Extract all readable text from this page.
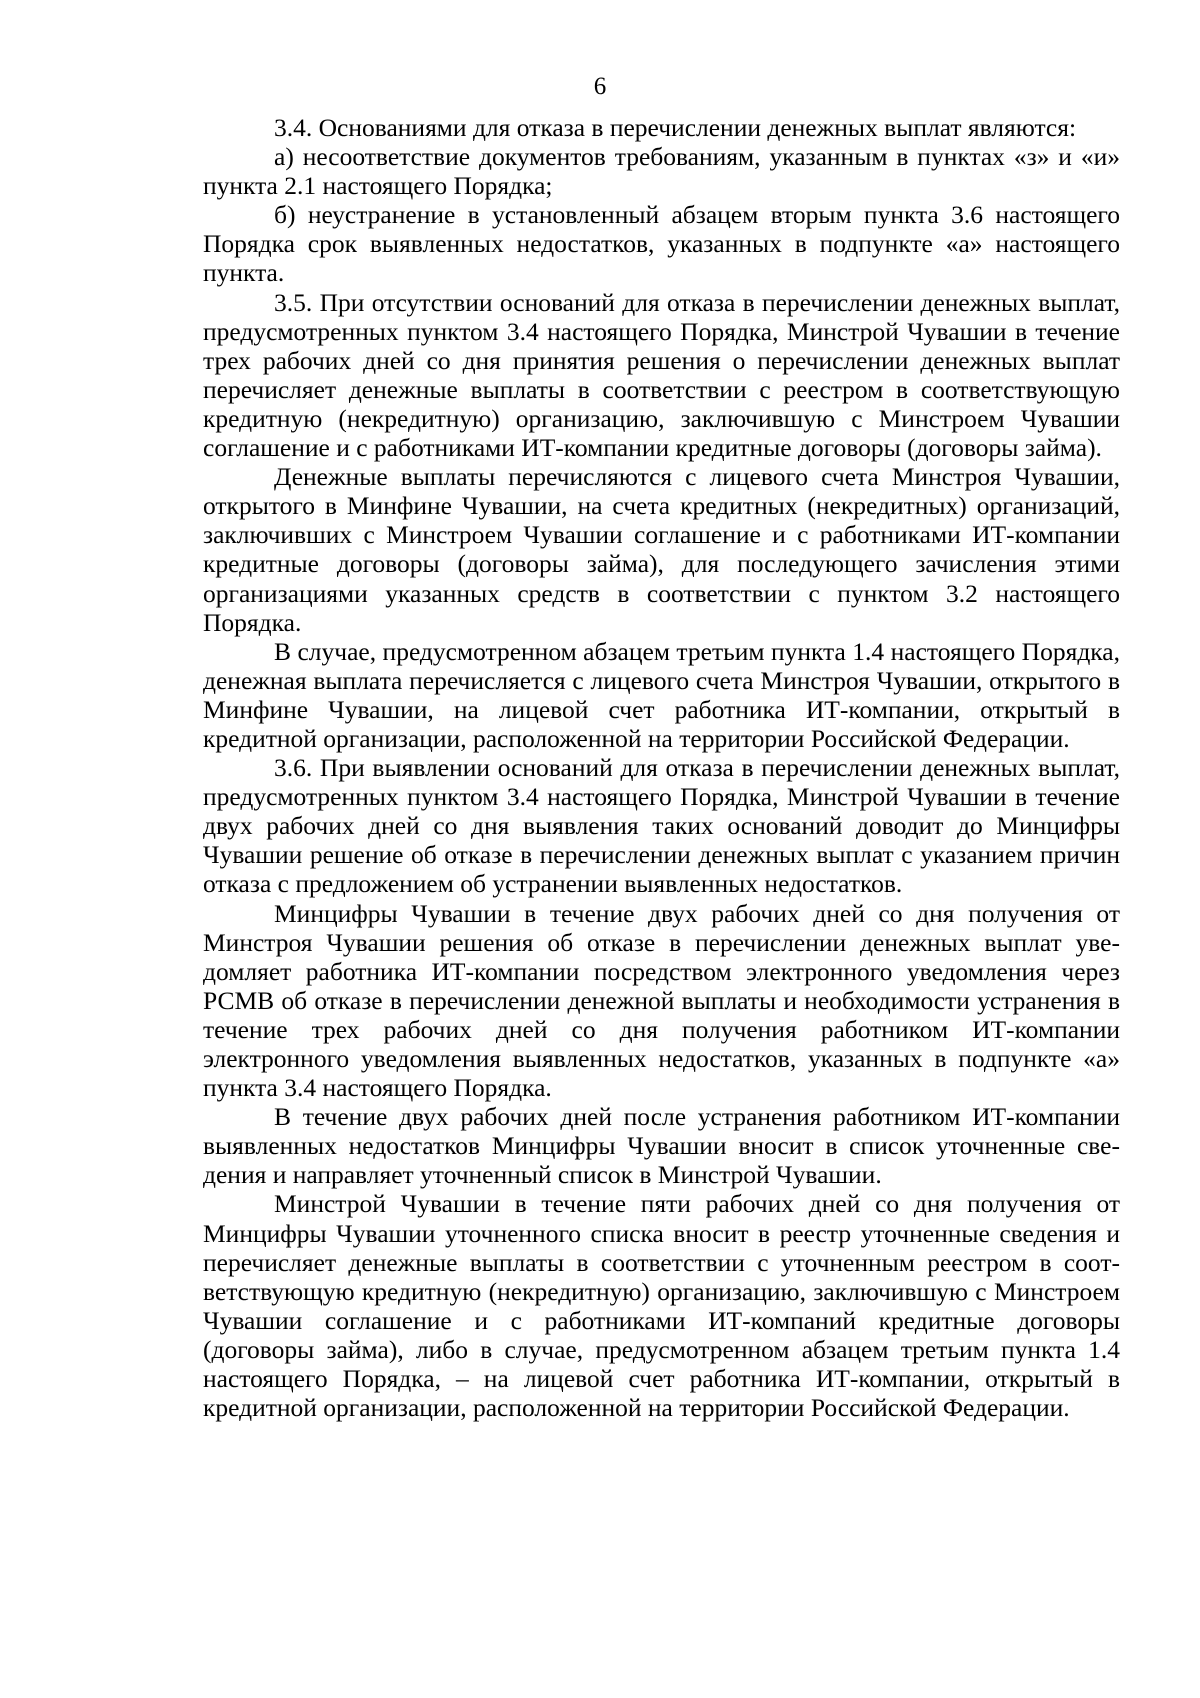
6

3.4. Основаниями для отказа в перечислении денежных выплат являются:

а) несоответствие документов требованиям, указанным в пунктах «з» и «и» пункта 2.1 настоящего Порядка;

б) неустранение в установленный абзацем вторым пункта 3.6 настоящего Порядка срок выявленных недостатков, указанных в подпункте «а» настоящего пункта.

3.5. При отсутствии оснований для отказа в перечислении денежных выплат, предусмотренных пунктом 3.4 настоящего Порядка, Минстрой Чувашии в течение трех рабочих дней со дня принятия решения о перечислении денежных выплат перечисляет денежные выплаты в соответствии с реестром в соответствующую кредитную (некредитную) организацию, заключившую с Минстроем Чувашии соглашение и с работниками ИТ-компании кредитные договоры (договоры займа).

Денежные выплаты перечисляются с лицевого счета Минстроя Чувашии, открытого в Минфине Чувашии, на счета кредитных (некредитных) организаций, заключивших с Минстроем Чувашии соглашение и с работниками ИТ-компании кредитные договоры (договоры займа), для последующего зачисления этими организациями указанных средств в соответствии с пунктом 3.2 настоящего Порядка.

В случае, предусмотренном абзацем третьим пункта 1.4 настоящего Порядка, денежная выплата перечисляется с лицевого счета Минстроя Чувашии, открытого в Минфине Чувашии, на лицевой счет работника ИТ-компании, открытый в кредитной организации, расположенной на территории Российской Федерации.

3.6. При выявлении оснований для отказа в перечислении денежных выплат, предусмотренных пунктом 3.4 настоящего Порядка, Минстрой Чувашии в течение двух рабочих дней со дня выявления таких оснований доводит до Минцифры Чувашии решение об отказе в перечислении денежных выплат с указанием причин отказа с предложением об устранении выявленных недостатков.

Минцифры Чувашии в течение двух рабочих дней со дня получения от Минстроя Чувашии решения об отказе в перечислении денежных выплат уведомляет работника ИТ-компании посредством электронного уведомления через РСМВ об отказе в перечислении денежной выплаты и необходимости устранения в течение трех рабочих дней со дня получения работником ИТ-компании электронного уведомления выявленных недостатков, указанных в подпункте «а» пункта 3.4 настоящего Порядка.

В течение двух рабочих дней после устранения работником ИТ-компании выявленных недостатков Минцифры Чувашии вносит в список уточненные сведения и направляет уточненный список в Минстрой Чувашии.

Минстрой Чувашии в течение пяти рабочих дней со дня получения от Минцифры Чувашии уточненного списка вносит в реестр уточненные сведения и перечисляет денежные выплаты в соответствии с уточненным реестром в соответствующую кредитную (некредитную) организацию, заключившую с Минстроем Чувашии соглашение и с работниками ИТ-компаний кредитные договоры (договоры займа), либо в случае, предусмотренном абзацем третьим пункта 1.4 настоящего Порядка, – на лицевой счет работника ИТ-компании, открытый в кредитной организации, расположенной на территории Российской Федерации.
